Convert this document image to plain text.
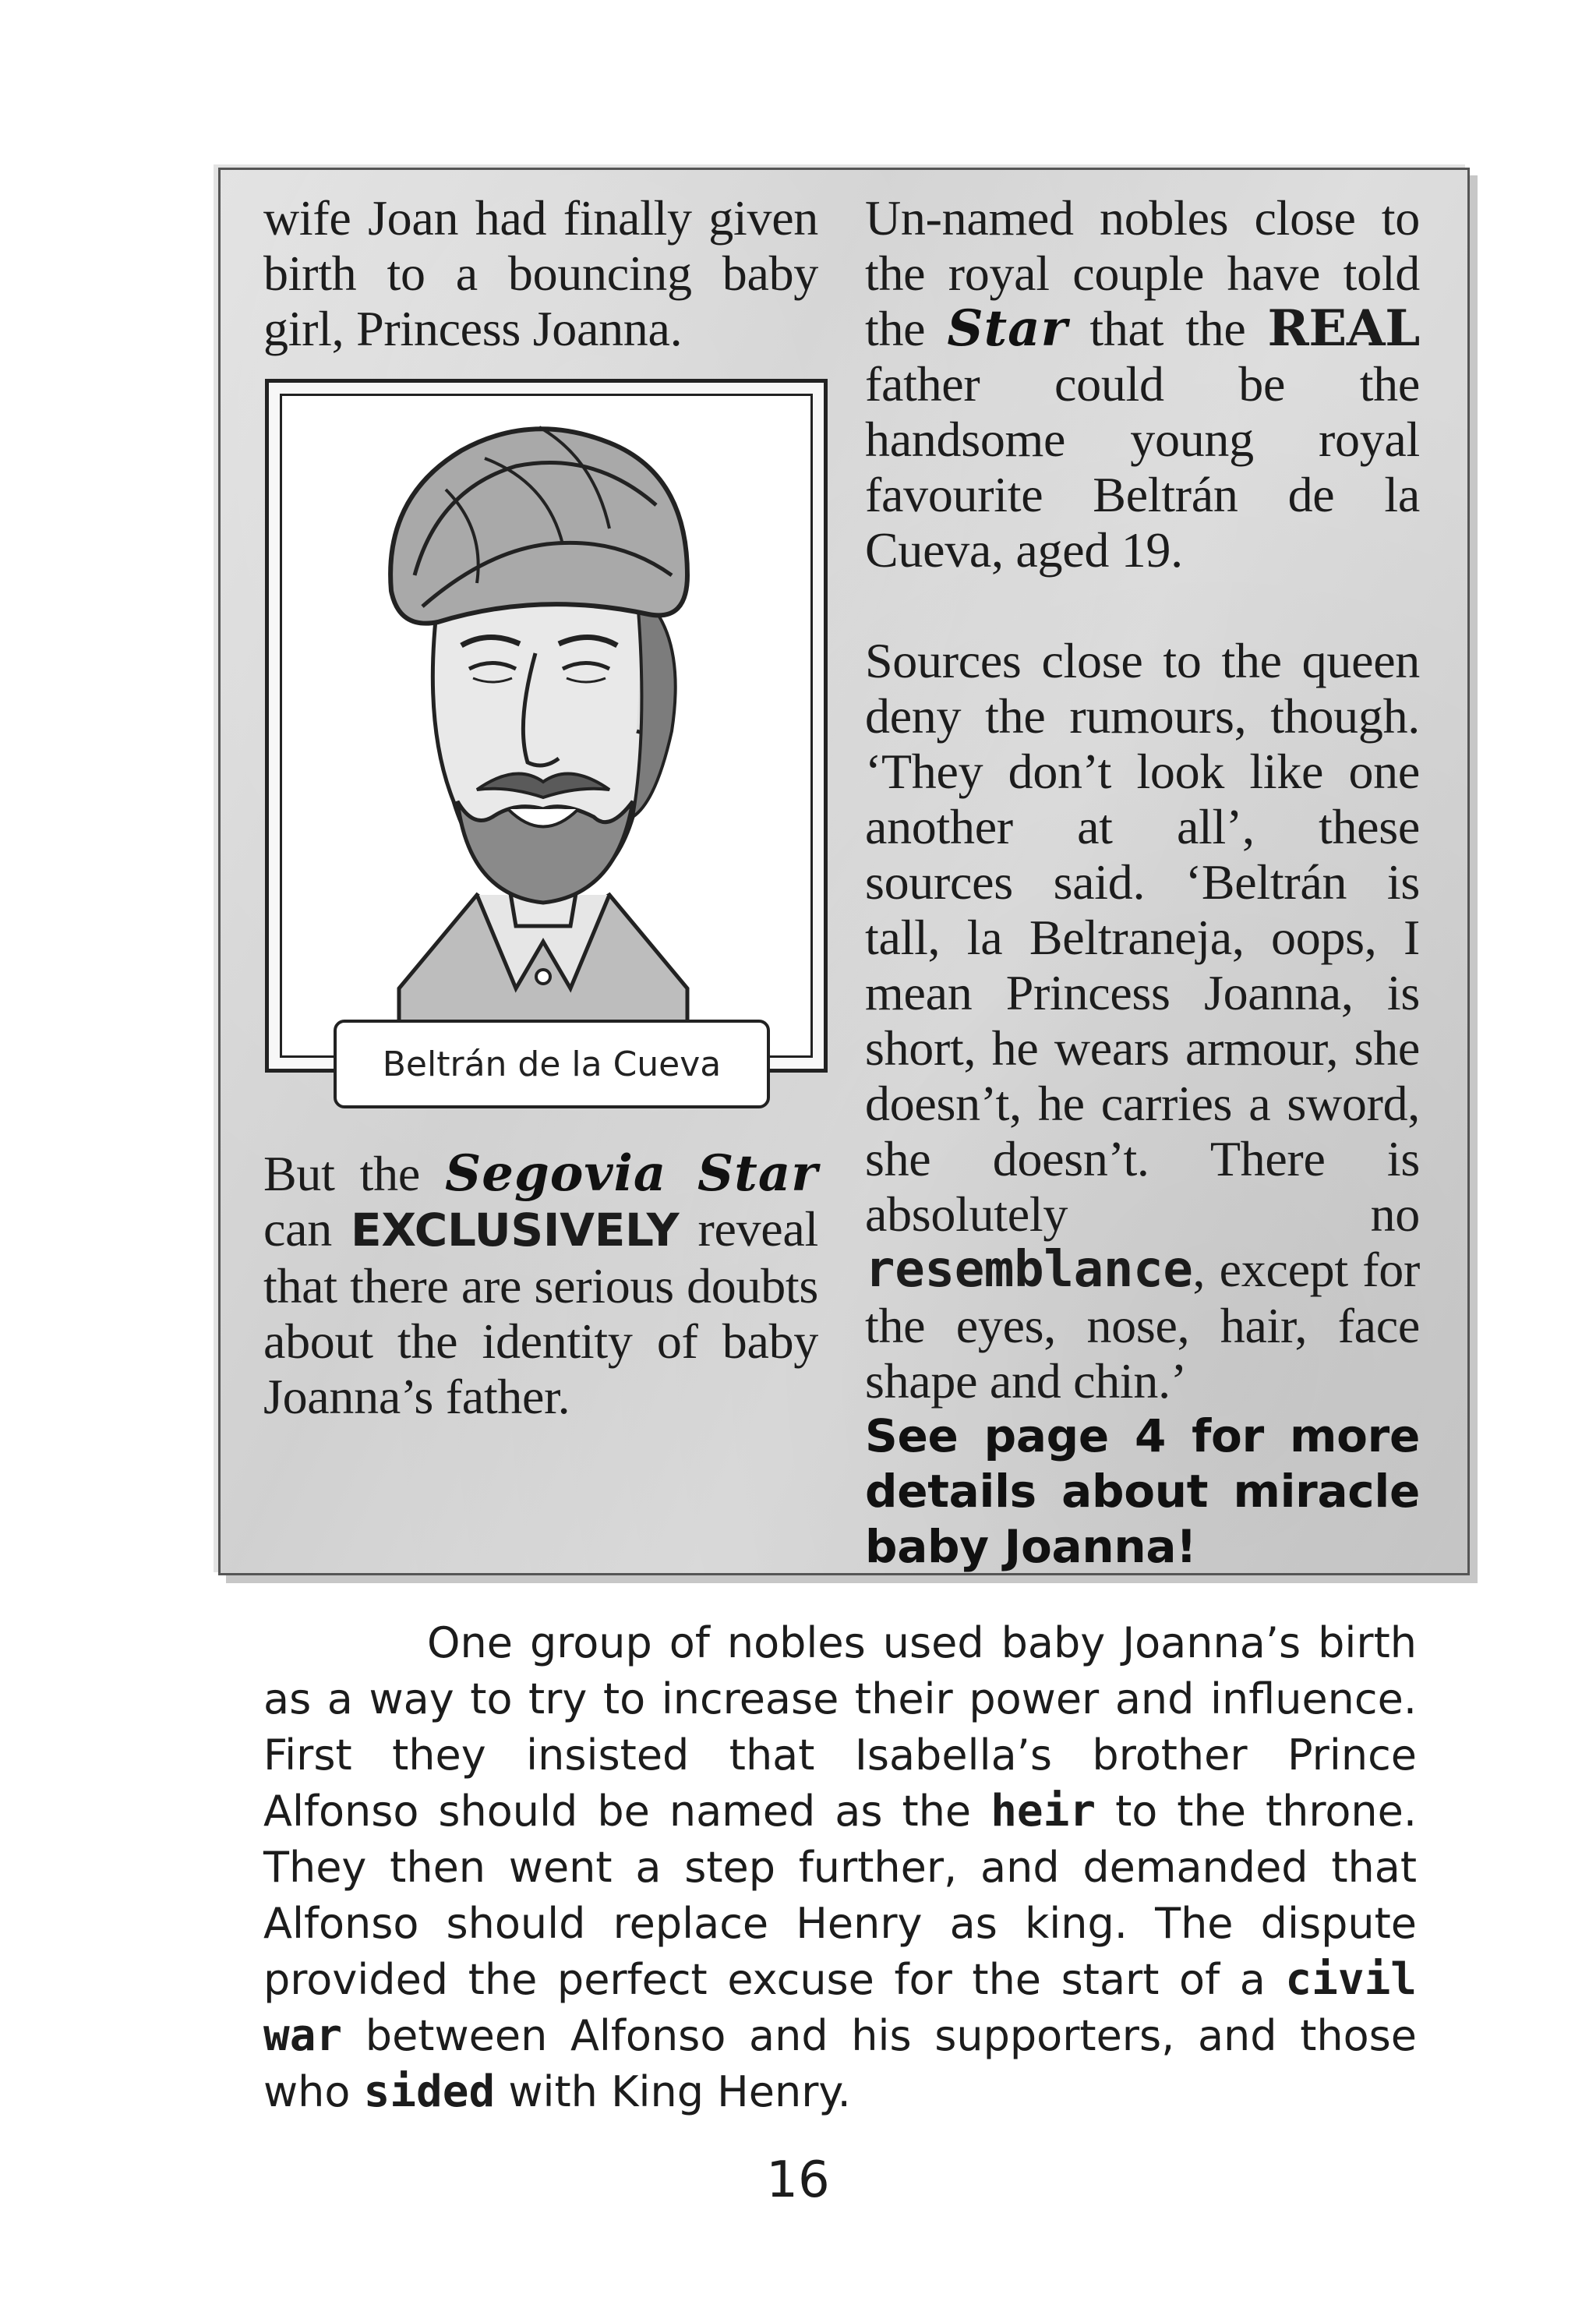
wife Joan had finally given birth to a bouncing baby girl, Princess Joanna.

Beltrán de la Cueva

But the Segovia Star can EXCLUSIVELY reveal that there are serious doubts about the identity of baby Joanna’s father.

Un-named nobles close to the royal couple have told the Star that the REAL father could be the handsome young royal favourite Beltrán de la Cueva, aged 19.

Sources close to the queen deny the rumours, though. ‘They don’t look like one another at all’, these sources said. ‘Beltrán is tall, la Beltraneja, oops, I mean Princess Joanna, is short, he wears armour, she doesn’t, he carries a sword, she doesn’t. There is absolutely no resemblance, except for the eyes, nose, hair, face shape and chin.’

See page 4 for more details about miracle baby Joanna!

One group of nobles used baby Joanna’s birth as a way to try to increase their power and influence. First they insisted that Isabella’s brother Prince Alfonso should be named as the heir to the throne. They then went a step further, and demanded that Alfonso should replace Henry as king. The dispute provided the perfect excuse for the start of a civil war between Alfonso and his supporters, and those who sided with King Henry.

16
